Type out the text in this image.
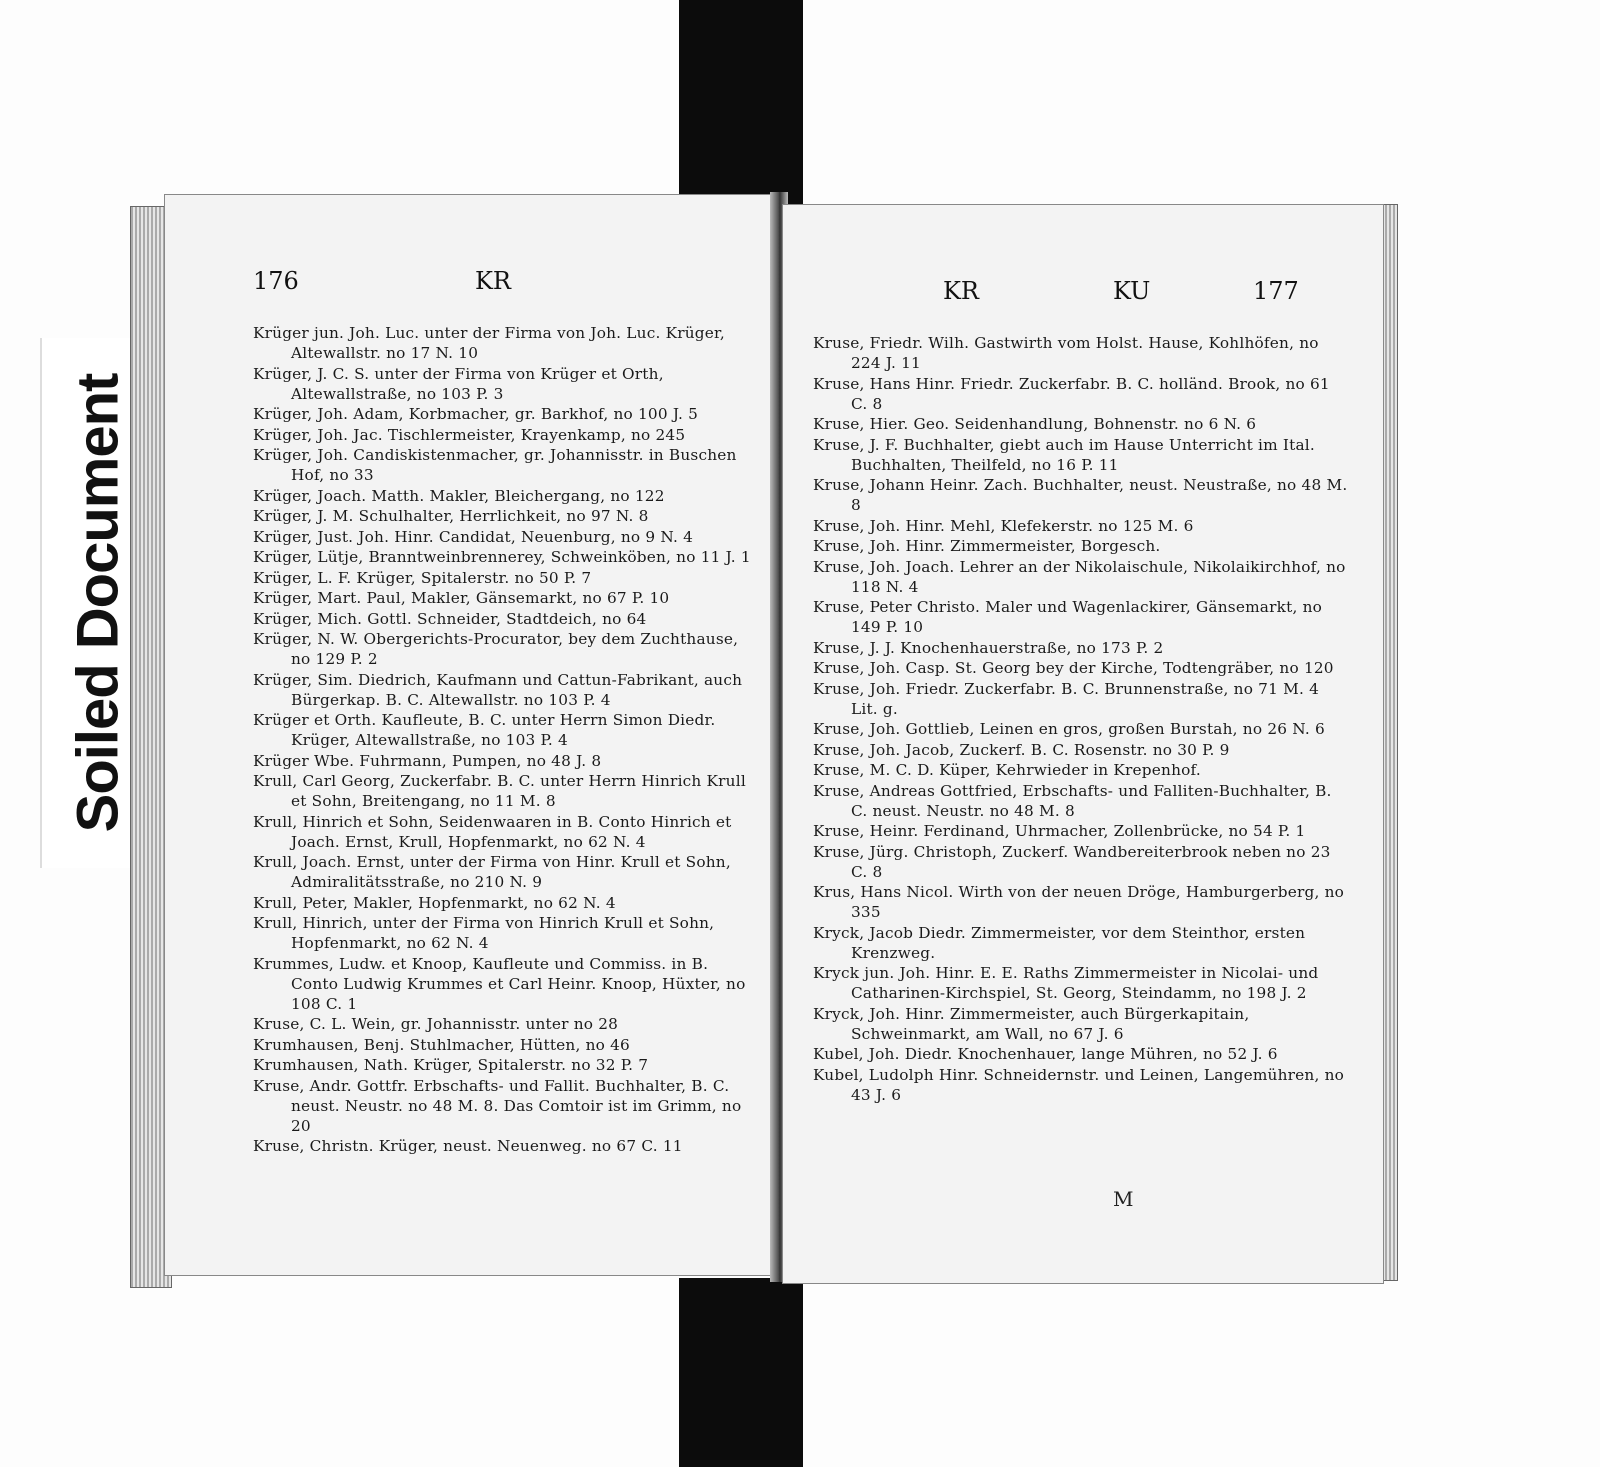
Soiled Document
176	KR
Krüger jun. Joh. Luc. unter der Firma von Joh. Luc. Krüger, Altewallstr. no 17 N. 10
Krüger, J. C. S. unter der Firma von Krüger et Orth, Altewallstraße, no 103 P. 3
Krüger, Joh. Adam, Korbmacher, gr. Barkhof, no 100 J. 5
Krüger, Joh. Jac. Tischlermeister, Krayenkamp, no 245
Krüger, Joh. Candiskistenmacher, gr. Johannisstr. in Buschen Hof, no 33
Krüger, Joach. Matth. Makler, Bleichergang, no 122
Krüger, J. M. Schulhalter, Herrlichkeit, no 97 N. 8
Krüger, Just. Joh. Hinr. Candidat, Neuenburg, no 9 N. 4
Krüger, Lütje, Branntweinbrennerey, Schweinköben, no 11 J. 1
Krüger, L. F. Krüger, Spitalerstr. no 50 P. 7
Krüger, Mart. Paul, Makler, Gänsemarkt, no 67 P. 10
Krüger, Mich. Gottl. Schneider, Stadtdeich, no 64
Krüger, N. W. Obergerichts-Procurator, bey dem Zuchthause, no 129 P. 2
Krüger, Sim. Diedrich, Kaufmann und Cattun-Fabrikant, auch Bürgerkap. B. C. Altewallstr. no 103 P. 4
Krüger et Orth. Kaufleute, B. C. unter Herrn Simon Diedr. Krüger, Altewallstraße, no 103 P. 4
Krüger Wbe. Fuhrmann, Pumpen, no 48 J. 8
Krull, Carl Georg, Zuckerfabr. B. C. unter Herrn Hinrich Krull et Sohn, Breitengang, no 11 M. 8
Krull, Hinrich et Sohn, Seidenwaaren in B. Conto Hinrich et Joach. Ernst, Krull, Hopfenmarkt, no 62 N. 4
Krull, Joach. Ernst, unter der Firma von Hinr. Krull et Sohn, Admiralitätsstraße, no 210 N. 9
Krull, Peter, Makler, Hopfenmarkt, no 62 N. 4
Krull, Hinrich, unter der Firma von Hinrich Krull et Sohn, Hopfenmarkt, no 62 N. 4
Krummes, Ludw. et Knoop, Kaufleute und Commiss. in B. Conto Ludwig Krummes et Carl Heinr. Knoop, Hüxter, no 108 C. 1
Kruse, C. L. Wein, gr. Johannisstr. unter no 28
Krumhausen, Benj. Stuhlmacher, Hütten, no 46
Krumhausen, Nath. Krüger, Spitalerstr. no 32 P. 7
Kruse, Andr. Gottfr. Erbschafts- und Fallit. Buchhalter, B. C. neust. Neustr. no 48 M. 8. Das Comtoir ist im Grimm, no 20
Kruse, Christn. Krüger, neust. Neuenweg. no 67 C. 11
KR	KU	177
Kruse, Friedr. Wilh. Gastwirth vom Holst. Hause, Kohlhöfen, no 224 J. 11
Kruse, Hans Hinr. Friedr. Zuckerfabr. B. C. holländ. Brook, no 61 C. 8
Kruse, Hier. Geo. Seidenhandlung, Bohnenstr. no 6 N. 6
Kruse, J. F. Buchhalter, giebt auch im Hause Unterricht im Ital. Buchhalten, Theilfeld, no 16 P. 11
Kruse, Johann Heinr. Zach. Buchhalter, neust. Neustraße, no 48 M. 8
Kruse, Joh. Hinr. Mehl, Klefekerstr. no 125 M. 6
Kruse, Joh. Hinr. Zimmermeister, Borgesch.
Kruse, Joh. Joach. Lehrer an der Nikolaischule, Nikolaikirchhof, no 118 N. 4
Kruse, Peter Christo. Maler und Wagenlackirer, Gänsemarkt, no 149 P. 10
Kruse, J. J. Knochenhauerstraße, no 173 P. 2
Kruse, Joh. Casp. St. Georg bey der Kirche, Todtengräber, no 120
Kruse, Joh. Friedr. Zuckerfabr. B. C. Brunnenstraße, no 71 M. 4 Lit. g.
Kruse, Joh. Gottlieb, Leinen en gros, großen Burstah, no 26 N. 6
Kruse, Joh. Jacob, Zuckerf. B. C. Rosenstr. no 30 P. 9
Kruse, M. C. D. Küper, Kehrwieder in Krepenhof.
Kruse, Andreas Gottfried, Erbschafts- und Falliten-Buchhalter, B. C. neust. Neustr. no 48 M. 8
Kruse, Heinr. Ferdinand, Uhrmacher, Zollenbrücke, no 54 P. 1
Kruse, Jürg. Christoph, Zuckerf. Wandbereiterbrook neben no 23 C. 8
Krus, Hans Nicol. Wirth von der neuen Dröge, Hamburgerberg, no 335
Kryck, Jacob Diedr. Zimmermeister, vor dem Steinthor, ersten Krenzweg.
Kryck jun. Joh. Hinr. E. E. Raths Zimmermeister in Nicolai- und Catharinen-Kirchspiel, St. Georg, Steindamm, no 198 J. 2
Kryck, Joh. Hinr. Zimmermeister, auch Bürgerkapitain, Schweinmarkt, am Wall, no 67 J. 6
Kubel, Joh. Diedr. Knochenhauer, lange Mühren, no 52 J. 6
Kubel, Ludolph Hinr. Schneidernstr. und Leinen, Langemühren, no 43 J. 6
M
